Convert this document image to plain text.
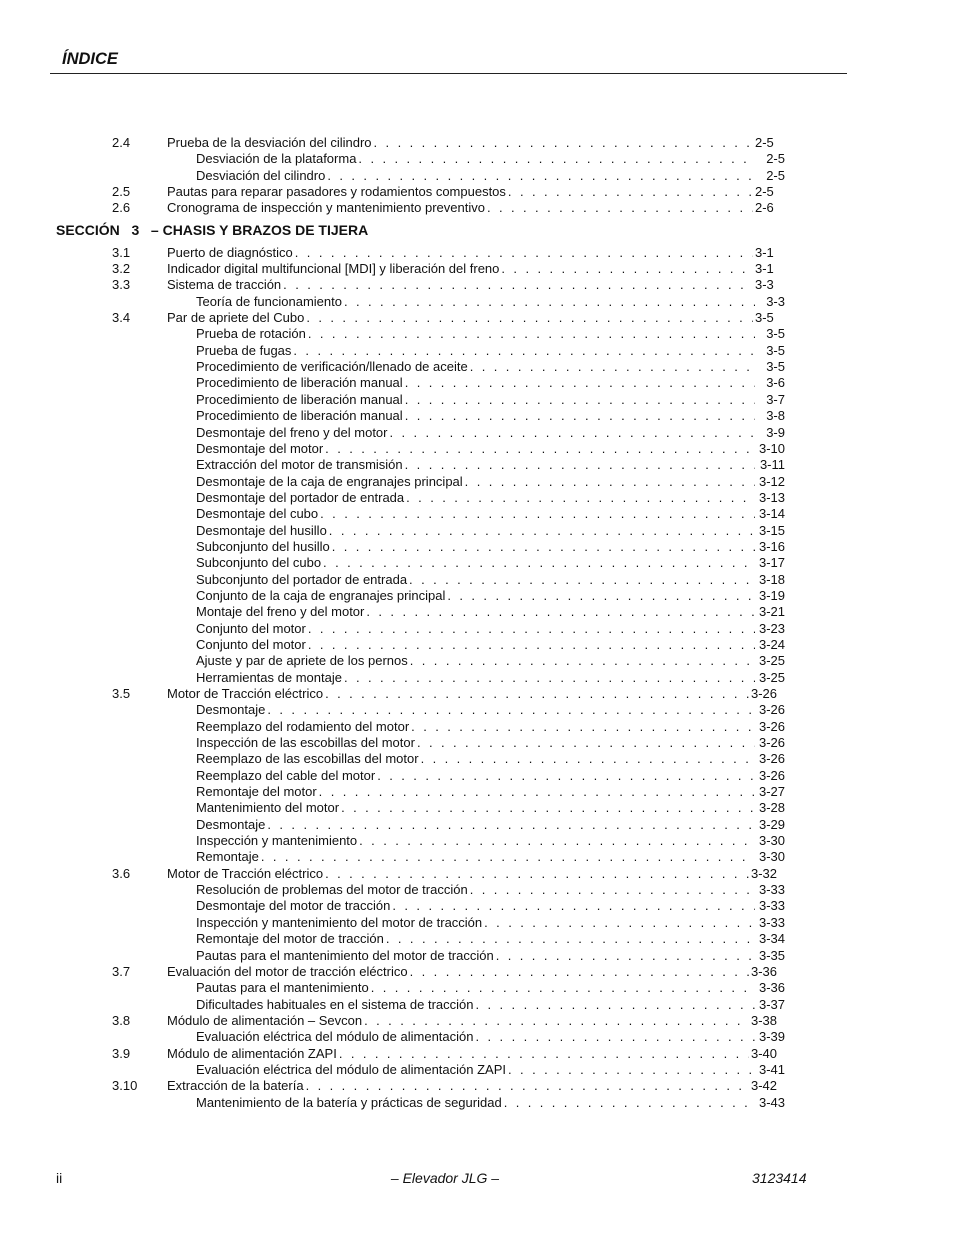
ÍNDICE
2.4	Prueba de la desviación del cilindro . . .	2-5
Desviación de la plataforma . . .	2-5
Desviación del cilindro . . .	2-5
2.5	Pautas para reparar pasadores y rodamientos compuestos . . .	2-5
2.6	Cronograma de inspección y mantenimiento preventivo . . .	2-6
SECCIÓN   3   – CHASIS Y BRAZOS DE TIJERA
3.1	Puerto de diagnóstico . . .	3-1
3.2	Indicador digital multifuncional [MDI] y liberación del freno . . .	3-1
3.3	Sistema de tracción . . .	3-3
Teoría de funcionamiento . . .	3-3
3.4	Par de apriete del Cubo . . .	3-5
Prueba de rotación . . .	3-5
Prueba de fugas . . .	3-5
Procedimiento de verificación/llenado de aceite . . .	3-5
Procedimiento de liberación manual . . .	3-6
Procedimiento de liberación manual . . .	3-7
Procedimiento de liberación manual . . .	3-8
Desmontaje del freno y del motor . . .	3-9
Desmontaje del motor . . .	3-10
Extracción del motor de transmisión . . .	3-11
Desmontaje de la caja de engranajes principal . . .	3-12
Desmontaje del portador de entrada . . .	3-13
Desmontaje del cubo . . .	3-14
Desmontaje del husillo . . .	3-15
Subconjunto del husillo . . .	3-16
Subconjunto del cubo . . .	3-17
Subconjunto del portador de entrada . . .	3-18
Conjunto de la caja de engranajes principal . . .	3-19
Montaje del freno y del motor . . .	3-21
Conjunto del motor . . .	3-23
Conjunto del motor . . .	3-24
Ajuste y par de apriete de los pernos . . .	3-25
Herramientas de montaje . . .	3-25
3.5	Motor de Tracción eléctrico . . .	3-26
Desmontaje . . .	3-26
Reemplazo del rodamiento del motor . . .	3-26
Inspección de las escobillas del motor . . .	3-26
Reemplazo de las escobillas del motor . . .	3-26
Reemplazo del cable del motor . . .	3-26
Remontaje del motor . . .	3-27
Mantenimiento del motor . . .	3-28
Desmontaje . . .	3-29
Inspección y mantenimiento . . .	3-30
Remontaje . . .	3-30
3.6	Motor de Tracción eléctrico . . .	3-32
Resolución de problemas del motor de tracción . . .	3-33
Desmontaje del motor de tracción . . .	3-33
Inspección y mantenimiento del motor de tracción . . .	3-33
Remontaje del motor de tracción . . .	3-34
Pautas para el mantenimiento del motor de tracción . . .	3-35
3.7	Evaluación del motor de tracción eléctrico . . .	3-36
Pautas para el mantenimiento . . .	3-36
Dificultades habituales en el sistema de tracción . . .	3-37
3.8	Módulo de alimentación – Sevcon . . .	3-38
Evaluación eléctrica del módulo de alimentación . . .	3-39
3.9	Módulo de alimentación ZAPI . . .	3-40
Evaluación eléctrica del módulo de alimentación ZAPI . . .	3-41
3.10 Extracción de la batería . . .	3-42
Mantenimiento de la batería y prácticas de seguridad . . .	3-43
ii	– Elevador JLG –	3123414
